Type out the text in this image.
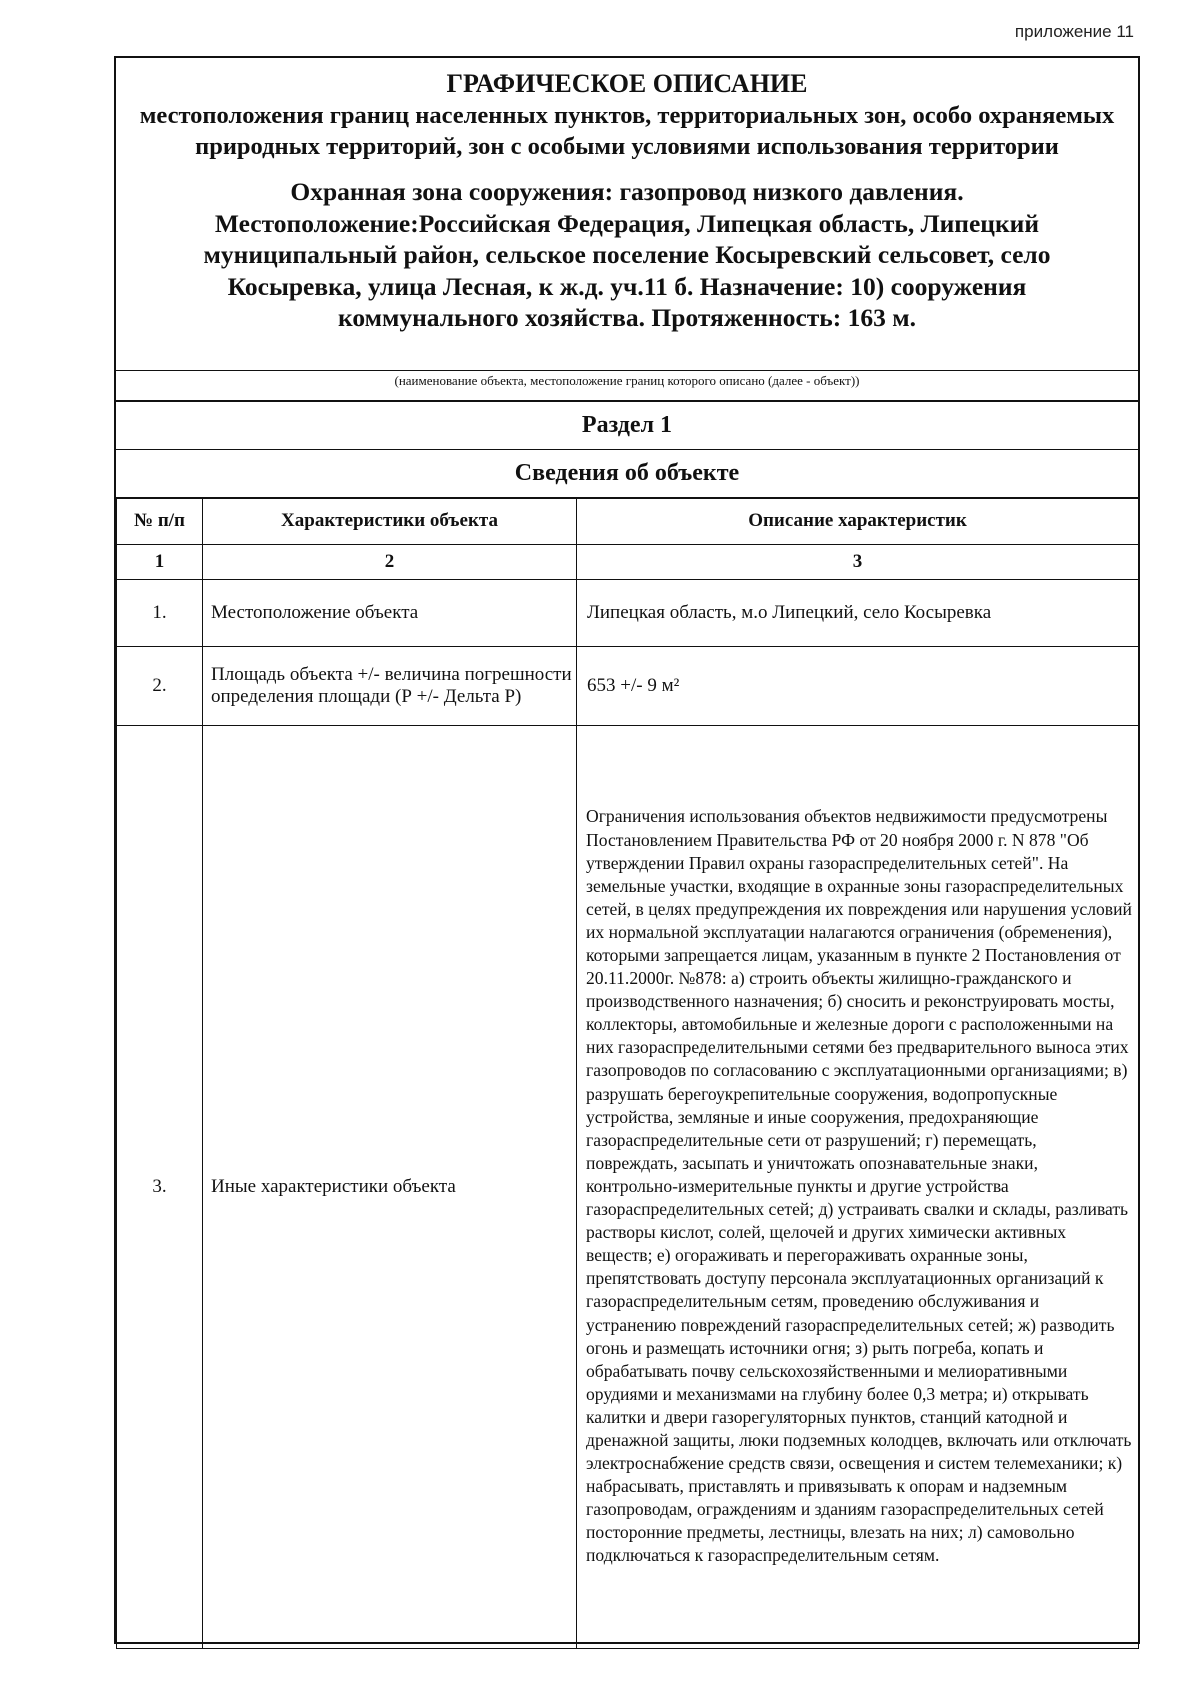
приложение 11
ГРАФИЧЕСКОЕ ОПИСАНИЕ
местоположения границ населенных пунктов, территориальных зон, особо охраняемых природных территорий, зон с особыми условиями использования территории
Охранная зона сооружения: газопровод низкого давления. Местоположение:Российская Федерация, Липецкая область, Липецкий муниципальный район, сельское поселение Косыревский сельсовет, село Косыревка, улица Лесная, к ж.д. уч.11 б. Назначение: 10) сооружения коммунального хозяйства. Протяженность: 163 м.
(наименование объекта, местоположение границ которого описано (далее - объект))
Раздел 1
Сведения об объекте
№ п/п	Характеристики объекта	Описание характеристик
1	2	3
1.	Местоположение объекта	Липецкая область, м.о Липецкий, село Косыревка
2.	Площадь объекта +/- величина погрешности определения площади (Р +/- Дельта Р)	653 +/- 9 м²
3.	Иные характеристики объекта	Ограничения использования объектов недвижимости предусмотрены Постановлением Правительства РФ от 20 ноября 2000 г. N 878 "Об утверждении Правил охраны газораспределительных сетей". На земельные участки, входящие в охранные зоны газораспределительных сетей, в целях предупреждения их повреждения или нарушения условий их нормальной эксплуатации налагаются ограничения (обременения), которыми запрещается лицам, указанным в пункте 2 Постановления от 20.11.2000г. №878: а) строить объекты жилищно-гражданского и производственного назначения; б) сносить и реконструировать мосты, коллекторы, автомобильные и железные дороги с расположенными на них газораспределительными сетями без предварительного выноса этих газопроводов по согласованию с эксплуатационными организациями; в) разрушать берегоукрепительные сооружения, водопропускные устройства, земляные и иные сооружения, предохраняющие газораспределительные сети от разрушений; г) перемещать, повреждать, засыпать и уничтожать опознавательные знаки, контрольно-измерительные пункты и другие устройства газораспределительных сетей; д) устраивать свалки и склады, разливать растворы кислот, солей, щелочей и других химически активных веществ; е) огораживать и перегораживать охранные зоны, препятствовать доступу персонала эксплуатационных организаций к газораспределительным сетям, проведению обслуживания и устранению повреждений газораспределительных сетей; ж) разводить огонь и размещать источники огня; з) рыть погреба, копать и обрабатывать почву сельскохозяйственными и мелиоративными орудиями и механизмами на глубину более 0,3 метра; и) открывать калитки и двери газорегуляторных пунктов, станций катодной и дренажной защиты, люки подземных колодцев, включать или отключать электроснабжение средств связи, освещения и систем телемеханики; к) набрасывать, приставлять и привязывать к опорам и надземным газопроводам, ограждениям и зданиям газораспределительных сетей посторонние предметы, лестницы, влезать на них; л) самовольно подключаться к газораспределительным сетям.
